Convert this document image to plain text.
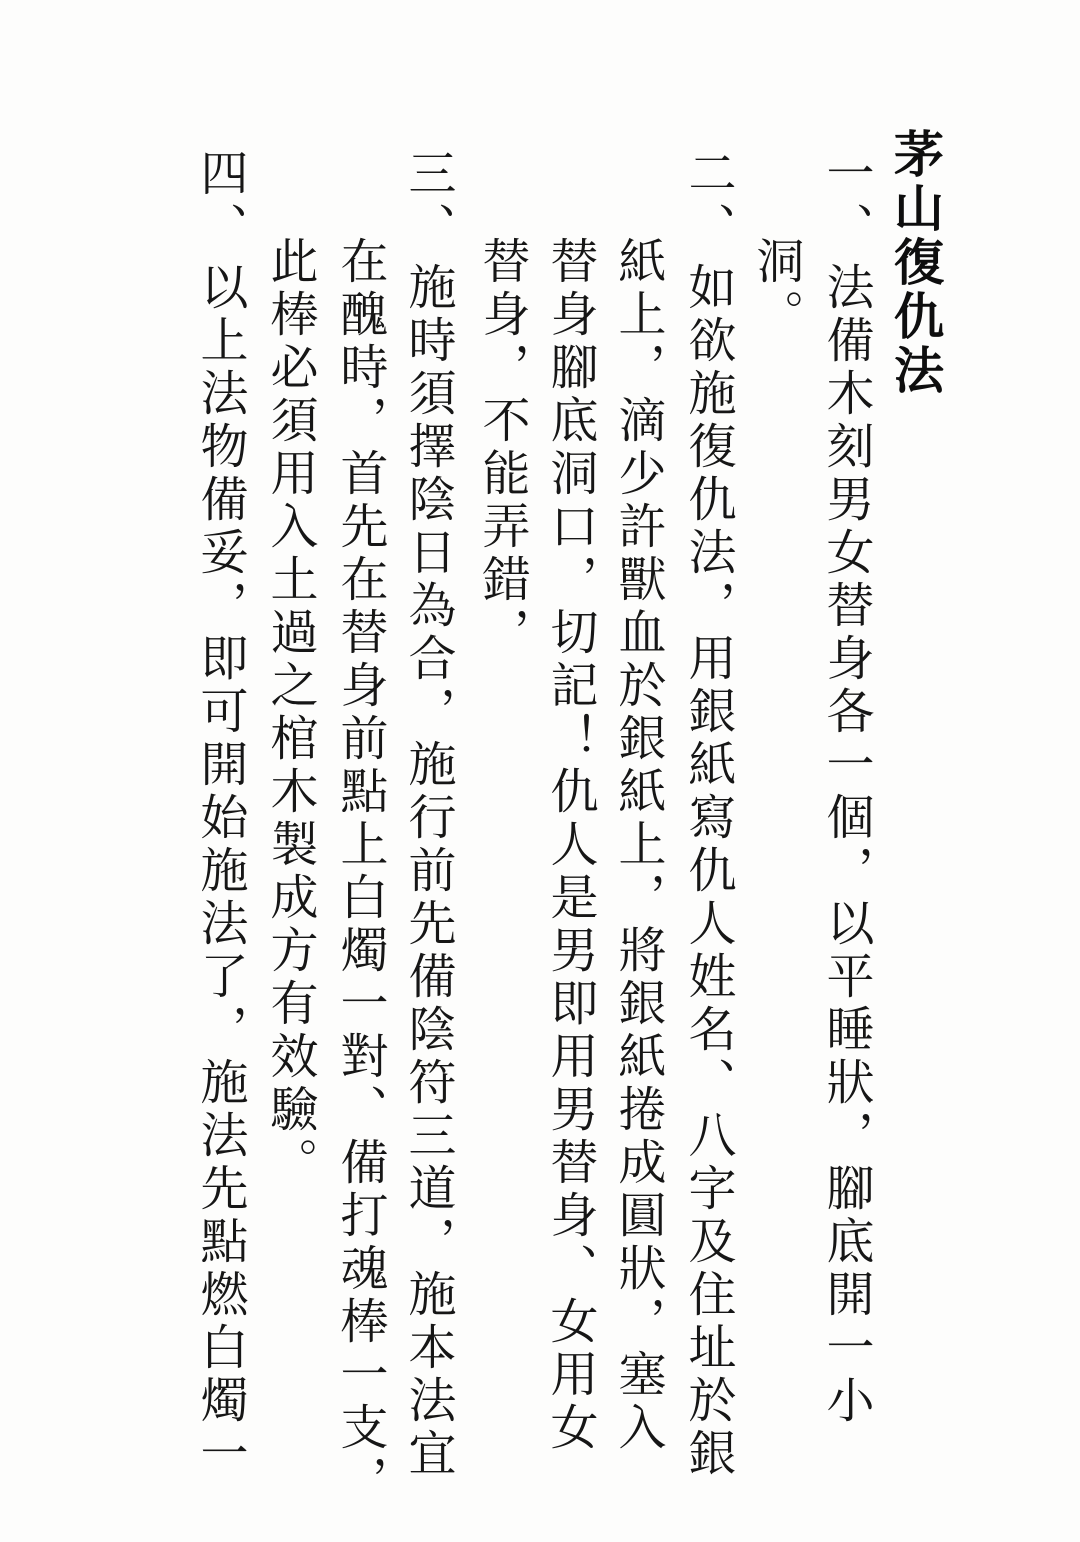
茅山復仇法
一、
法備木刻男女替身各一個，以平睡狀，腳底開一小
洞。
二、
如欲施復仇法，用銀紙寫仇人姓名、八字及住址於銀
紙上，滴少許獸血於銀紙上，將銀紙捲成圓狀，塞入
替身腳底洞口，切記！仇人是男即用男替身、女用女
替身，不能弄錯，
三、
施時須擇陰日為合，施行前先備陰符三道，施本法宜
在醜時，首先在替身前點上白燭一對、備打魂棒一支，
此棒必須用入土過之棺木製成方有效驗。
四、
以上法物備妥，即可開始施法了，施法先點燃白燭一
